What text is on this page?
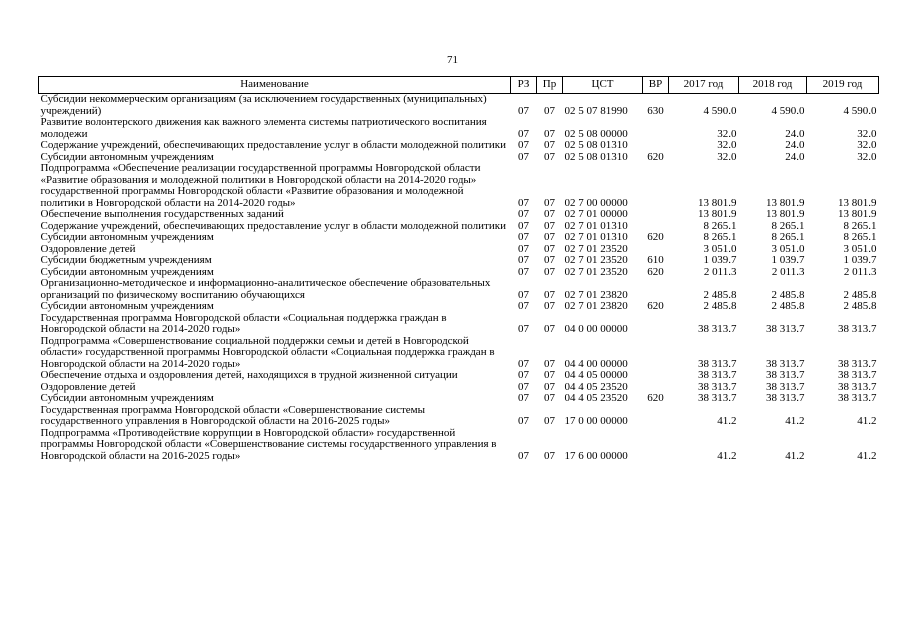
71
Наименование	РЗ	Пр	ЦСТ	ВР	2017 год	2018 год	2019 год
Субсидии некоммерческим организациям (за исключением государственных (муниципальных) учреждений)	07	07	02 5 07 81990	630	4 590.0	4 590.0	4 590.0
Развитие волонтерского движения как важного элемента системы патриотического воспитания молодежи	07	07	02 5 08 00000		32.0	24.0	32.0
Содержание учреждений, обеспечивающих предоставление услуг в области молодежной политики	07	07	02 5 08 01310		32.0	24.0	32.0
Субсидии автономным учреждениям	07	07	02 5 08 01310	620	32.0	24.0	32.0
Подпрограмма «Обеспечение реализации государственной программы Новгородской области «Развитие образования и молодежной политики в Новгородской области на 2014-2020 годы» государственной программы Новгородской области «Развитие образования и молодежной политики в Новгородской области на 2014-2020 годы»	07	07	02 7 00 00000		13 801.9	13 801.9	13 801.9
Обеспечение выполнения государственных заданий	07	07	02 7 01 00000		13 801.9	13 801.9	13 801.9
Содержание учреждений, обеспечивающих предоставление услуг в области молодежной политики	07	07	02 7 01 01310		8 265.1	8 265.1	8 265.1
Субсидии автономным учреждениям	07	07	02 7 01 01310	620	8 265.1	8 265.1	8 265.1
Оздоровление детей	07	07	02 7 01 23520		3 051.0	3 051.0	3 051.0
Субсидии бюджетным учреждениям	07	07	02 7 01 23520	610	1 039.7	1 039.7	1 039.7
Субсидии автономным учреждениям	07	07	02 7 01 23520	620	2 011.3	2 011.3	2 011.3
Организационно-методическое и информационно-аналитическое обеспечение образовательных организаций по физическому воспитанию обучающихся	07	07	02 7 01 23820		2 485.8	2 485.8	2 485.8
Субсидии автономным учреждениям	07	07	02 7 01 23820	620	2 485.8	2 485.8	2 485.8
Государственная программа Новгородской области «Социальная поддержка граждан в Новгородской области на 2014-2020 годы»	07	07	04 0 00 00000		38 313.7	38 313.7	38 313.7
Подпрограмма «Совершенствование социальной поддержки семьи и детей в Новгородской области» государственной программы Новгородской области «Социальная поддержка граждан в Новгородской области на 2014-2020 годы»	07	07	04 4 00 00000		38 313.7	38 313.7	38 313.7
Обеспечение отдыха и оздоровления детей, находящихся в трудной жизненной ситуации	07	07	04 4 05 00000		38 313.7	38 313.7	38 313.7
Оздоровление детей	07	07	04 4 05 23520		38 313.7	38 313.7	38 313.7
Субсидии автономным учреждениям	07	07	04 4 05 23520	620	38 313.7	38 313.7	38 313.7
Государственная программа Новгородской области «Совершенствование системы государственного управления в Новгородской области на 2016-2025 годы»	07	07	17 0 00 00000		41.2	41.2	41.2
Подпрограмма «Противодействие коррупции в Новгородской области» государственной программы Новгородской области «Совершенствование системы государственного управления в Новгородской области на 2016-2025 годы»	07	07	17 6 00 00000		41.2	41.2	41.2
